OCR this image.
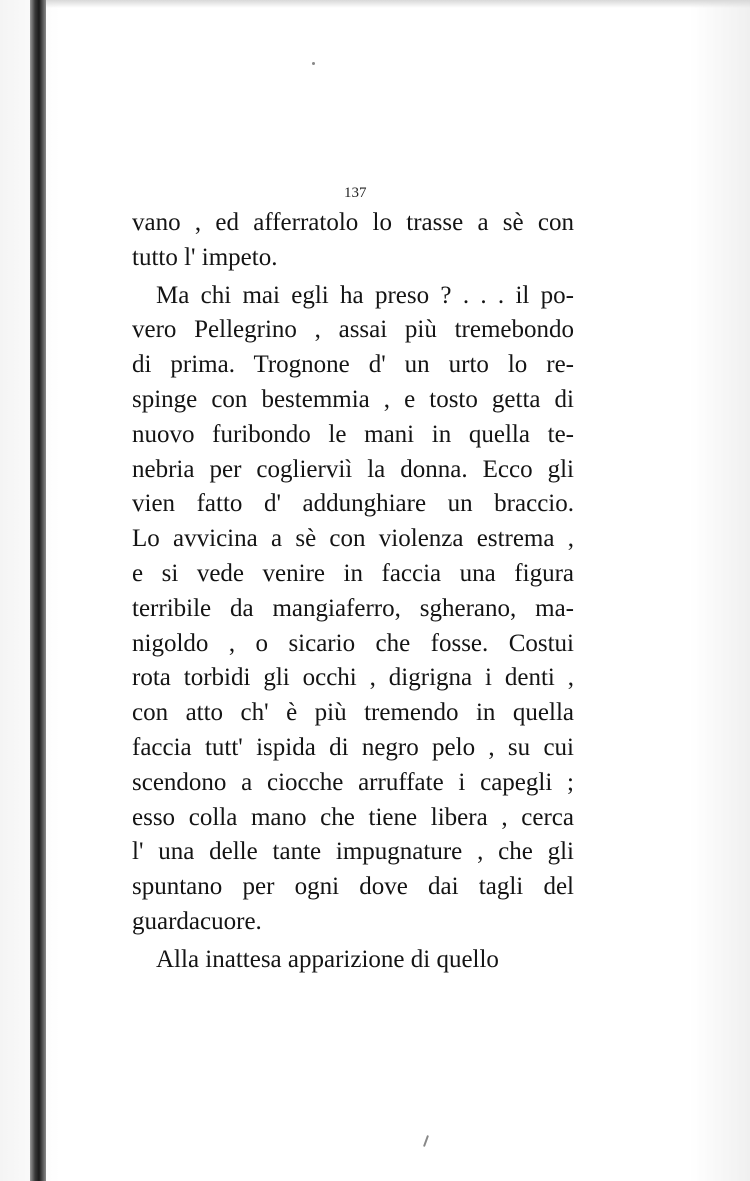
137
vano , ed afferratolo lo trasse a sè con
tutto l' impeto.
Ma chi mai egli ha preso ? . . . il po-
vero Pellegrino , assai più tremebondo
di prima. Trognone d' un urto lo re-
spinge con bestemmia , e tosto getta di
nuovo furibondo le mani in quella te-
nebria per coglierviì la donna. Ecco gli
vien fatto d' addunghiare un braccio.
Lo avvicina a sè con violenza estrema ,
e si vede venire in faccia una figura
terribile da mangiaferro, sgherano, ma-
nigoldo , o sicario che fosse. Costui
rota torbidi gli occhi , digrigna i denti ,
con atto ch' è più tremendo in quella
faccia tutt' ispida di negro pelo , su cui
scendono a ciocche arruffate i capegli ;
esso colla mano che tiene libera , cerca
l' una delle tante impugnature , che gli
spuntano per ogni dove dai tagli del
guardacuore.
Alla inattesa apparizione di quello
